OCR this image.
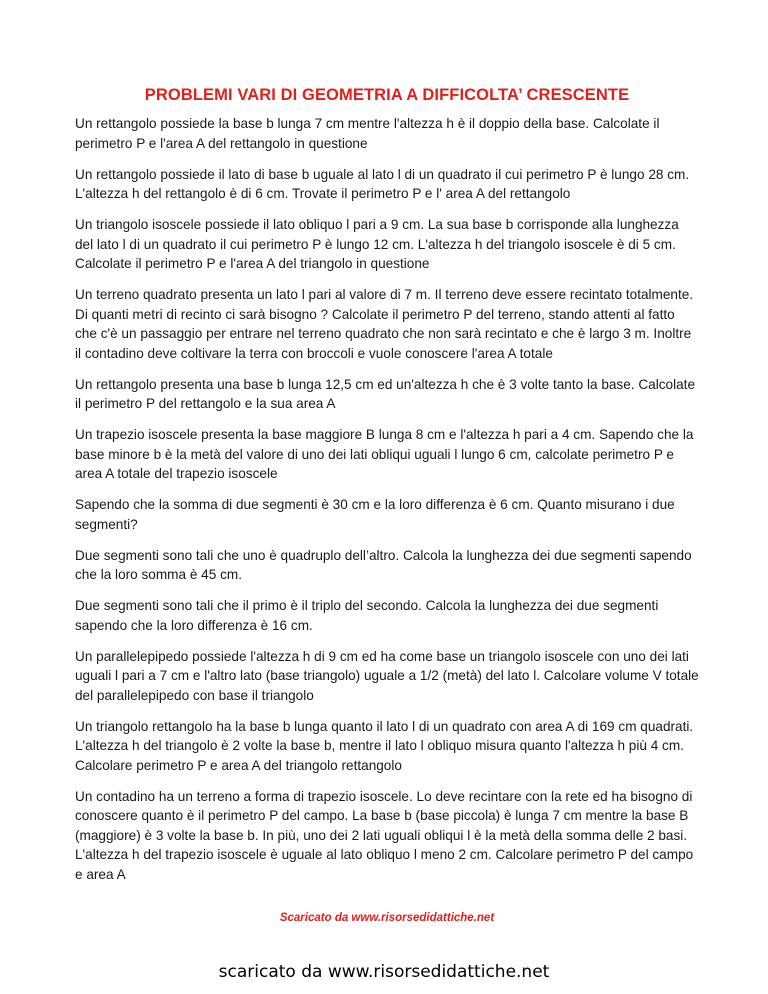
PROBLEMI VARI DI GEOMETRIA A DIFFICOLTA’ CRESCENTE

Un rettangolo possiede la base b lunga 7 cm mentre l'altezza h è il doppio della base. Calcolate il perimetro P e l'area A del rettangolo in questione

Un rettangolo possiede il lato di base b uguale al lato l di un quadrato il cui perimetro P è lungo 28 cm. L'altezza h del rettangolo è di 6 cm. Trovate il perimetro P e l' area A del rettangolo

Un triangolo isoscele possiede il lato obliquo l pari a 9 cm. La sua base b corrisponde alla lunghezza del lato l di un quadrato il cui perimetro P è lungo 12 cm. L'altezza h del triangolo isoscele è di 5 cm. Calcolate il perimetro P e l'area A del triangolo in questione

Un terreno quadrato presenta un lato l pari al valore di 7 m. Il terreno deve essere recintato totalmente. Di quanti metri di recinto ci sarà bisogno ? Calcolate il perimetro P del terreno, stando attenti al fatto che c'è un passaggio per entrare nel terreno quadrato che non sarà recintato e che è largo 3 m. Inoltre il contadino deve coltivare la terra con broccoli e vuole conoscere l'area A totale

Un rettangolo presenta una base b lunga 12,5 cm ed un'altezza h che è 3 volte tanto la base. Calcolate il perimetro P del rettangolo e la sua area A

Un trapezio isoscele presenta la base maggiore B lunga 8 cm e l'altezza h pari a 4 cm. Sapendo che la base minore b è la metà del valore di uno dei lati obliqui uguali l lungo 6 cm, calcolate perimetro P e area A totale del trapezio isoscele

Sapendo che la somma di due segmenti è 30 cm e la loro differenza è 6 cm. Quanto misurano i due segmenti?

Due segmenti sono tali che uno è quadruplo dell’altro. Calcola la lunghezza dei due segmenti sapendo che la loro somma è 45 cm.

Due segmenti sono tali che il primo è il triplo del secondo. Calcola la lunghezza dei due segmenti sapendo che la loro differenza è 16 cm.

Un parallelepipedo possiede l'altezza h di 9 cm ed ha come base un triangolo isoscele con uno dei lati uguali l pari a 7 cm e l'altro lato (base triangolo) uguale a 1/2 (metà) del lato l. Calcolare volume V totale del parallelepipedo con base il triangolo

Un triangolo rettangolo ha la base b lunga quanto il lato l di un quadrato con area A di 169 cm quadrati. L'altezza h del triangolo è 2 volte la base b, mentre il lato l obliquo misura quanto l'altezza h più 4 cm. Calcolare perimetro P e area A del triangolo rettangolo

Un contadino ha un terreno a forma di trapezio isoscele. Lo deve recintare con la rete ed ha bisogno di conoscere quanto è il perimetro P del campo. La base b (base piccola) è lunga 7 cm mentre la base B (maggiore) è 3 volte la base b. In più, uno dei 2 lati uguali obliqui l è la metà della somma delle 2 basi. L'altezza h del trapezio isoscele è uguale al lato obliquo l meno 2 cm. Calcolare perimetro P del campo e area A

Scaricato da www.risorsedidattiche.net
scaricato da www.risorsedidattiche.net
